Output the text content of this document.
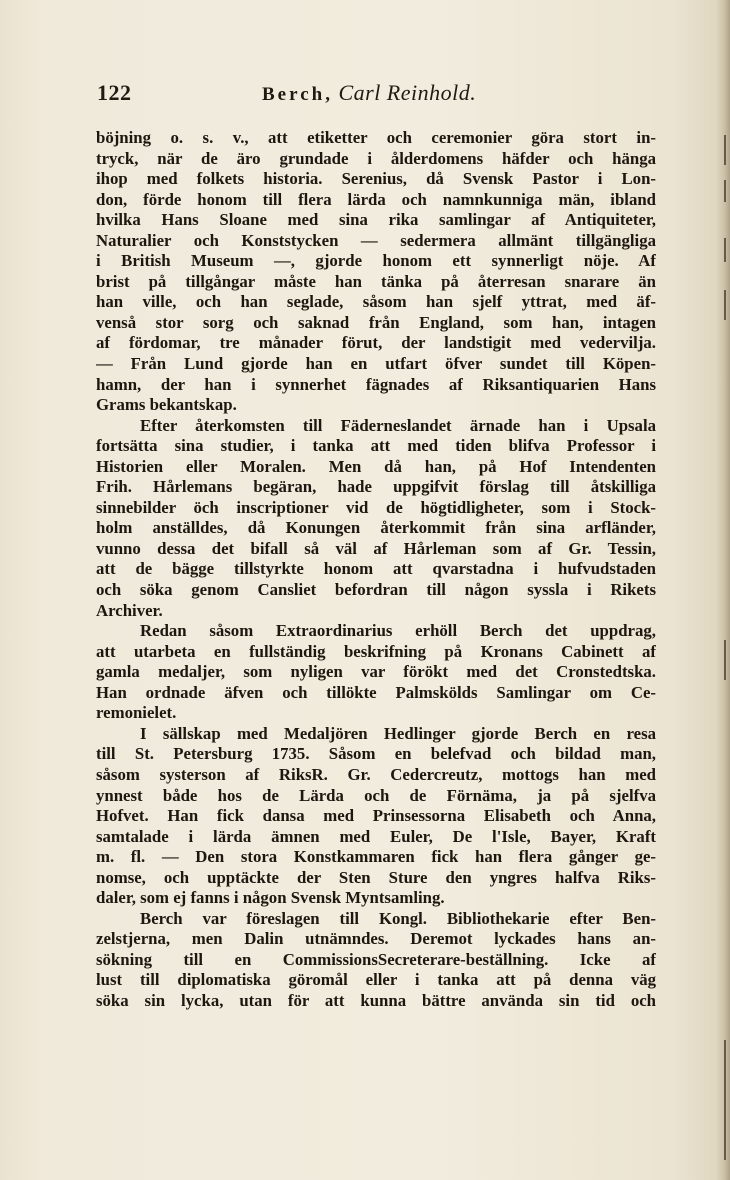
122	Berch, Carl Reinhold.
böjning o. s. v., att etiketter och ceremonier göra stort in-
tryck, när de äro grundade i ålderdomens häfder och hänga
ihop med folkets historia. Serenius, då Svensk Pastor i Lon-
don, förde honom till flera lärda och namnkunniga män, ibland
hvilka Hans Sloane med sina rika samlingar af Antiquiteter,
Naturalier och Konststycken — sedermera allmänt tillgängliga
i British Museum —, gjorde honom ett synnerligt nöje. Af
brist på tillgångar måste han tänka på återresan snarare än
han ville, och han seglade, såsom han sjelf yttrat, med äf-
venså stor sorg och saknad från England, som han, intagen
af fördomar, tre månader förut, der landstigit med vedervilja.
— Från Lund gjorde han en utfart öfver sundet till Köpen-
hamn, der han i synnerhet fägnades af Riksantiquarien Hans
Grams bekantskap.
Efter återkomsten till Fäderneslandet ärnade han i Upsala
fortsätta sina studier, i tanka att med tiden blifva Professor i
Historien eller Moralen. Men då han, på Hof Intendenten
Frih. Hårlemans begäran, hade uppgifvit förslag till åtskilliga
sinnebilder öch inscriptioner vid de högtidligheter, som i Stock-
holm anställdes, då Konungen återkommit från sina arfländer,
vunno dessa det bifall så väl af Hårleman som af Gr. Tessin,
att de bägge tillstyrkte honom att qvarstadna i hufvudstaden
och söka genom Cansliet befordran till någon syssla i Rikets
Archiver.
Redan såsom Extraordinarius erhöll Berch det uppdrag,
att utarbeta en fullständig beskrifning på Kronans Cabinett af
gamla medaljer, som nyligen var förökt med det Cronstedtska.
Han ordnade äfven och tillökte Palmskölds Samlingar om Ce-
remonielet.
I sällskap med Medaljören Hedlinger gjorde Berch en resa
till St. Petersburg 1735. Såsom en belefvad och bildad man,
såsom systerson af RiksR. Gr. Cedercreutz, mottogs han med
ynnest både hos de Lärda och de Förnäma, ja på sjelfva
Hofvet. Han fick dansa med Prinsessorna Elisabeth och Anna,
samtalade i lärda ämnen med Euler, De l'Isle, Bayer, Kraft
m. fl. — Den stora Konstkammaren fick han flera gånger ge-
nomse, och upptäckte der Sten Sture den yngres halfva Riks-
daler, som ej fanns i någon Svensk Myntsamling.
Berch var föreslagen till Kongl. Bibliothekarie efter Ben-
zelstjerna, men Dalin utnämndes. Deremot lyckades hans an-
sökning till en CommissionsSecreterare-beställning. Icke af
lust till diplomatiska göromål eller i tanka att på denna väg
söka sin lycka, utan för att kunna bättre använda sin tid och
